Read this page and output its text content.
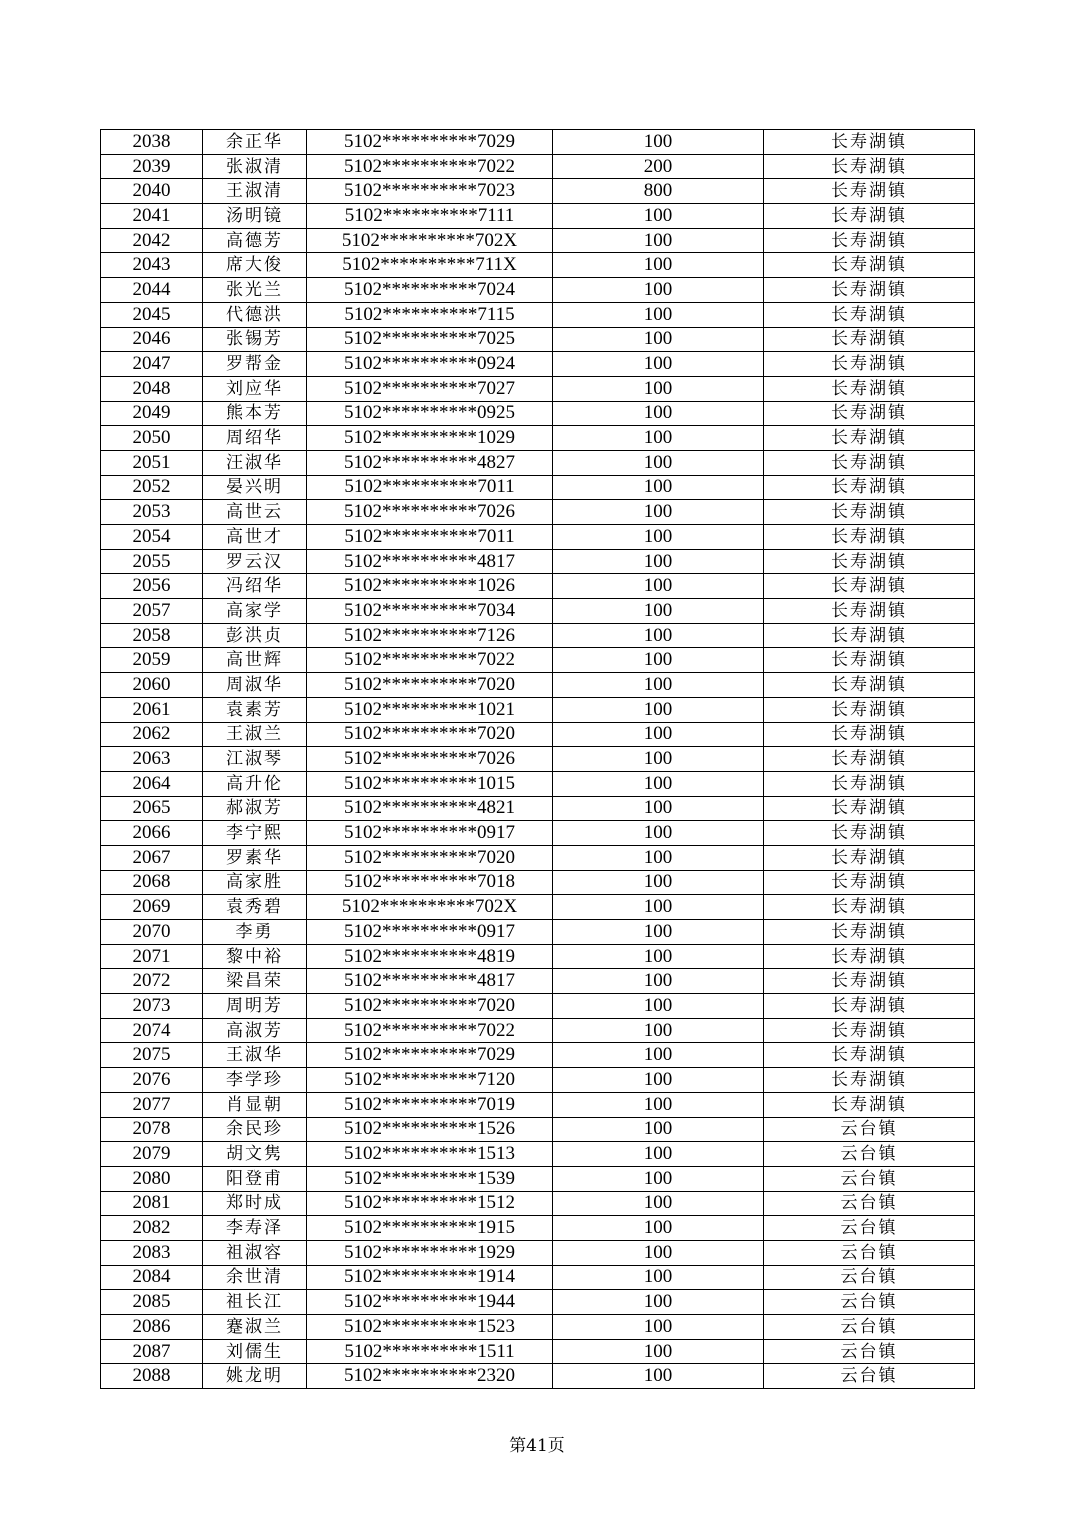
2038	余正华	5102**********7029	100	长寿湖镇
2039	张淑清	5102**********7022	200	长寿湖镇
2040	王淑清	5102**********7023	800	长寿湖镇
2041	汤明镜	5102**********7111	100	长寿湖镇
2042	高德芳	5102**********702X	100	长寿湖镇
2043	席大俊	5102**********711X	100	长寿湖镇
2044	张光兰	5102**********7024	100	长寿湖镇
2045	代德洪	5102**********7115	100	长寿湖镇
2046	张锡芳	5102**********7025	100	长寿湖镇
2047	罗帮金	5102**********0924	100	长寿湖镇
2048	刘应华	5102**********7027	100	长寿湖镇
2049	熊本芳	5102**********0925	100	长寿湖镇
2050	周绍华	5102**********1029	100	长寿湖镇
2051	汪淑华	5102**********4827	100	长寿湖镇
2052	晏兴明	5102**********7011	100	长寿湖镇
2053	高世云	5102**********7026	100	长寿湖镇
2054	高世才	5102**********7011	100	长寿湖镇
2055	罗云汉	5102**********4817	100	长寿湖镇
2056	冯绍华	5102**********1026	100	长寿湖镇
2057	高家学	5102**********7034	100	长寿湖镇
2058	彭洪贞	5102**********7126	100	长寿湖镇
2059	高世辉	5102**********7022	100	长寿湖镇
2060	周淑华	5102**********7020	100	长寿湖镇
2061	袁素芳	5102**********1021	100	长寿湖镇
2062	王淑兰	5102**********7020	100	长寿湖镇
2063	江淑琴	5102**********7026	100	长寿湖镇
2064	高升伦	5102**********1015	100	长寿湖镇
2065	郝淑芳	5102**********4821	100	长寿湖镇
2066	李宁熙	5102**********0917	100	长寿湖镇
2067	罗素华	5102**********7020	100	长寿湖镇
2068	高家胜	5102**********7018	100	长寿湖镇
2069	袁秀碧	5102**********702X	100	长寿湖镇
2070	李勇	5102**********0917	100	长寿湖镇
2071	黎中裕	5102**********4819	100	长寿湖镇
2072	梁昌荣	5102**********4817	100	长寿湖镇
2073	周明芳	5102**********7020	100	长寿湖镇
2074	高淑芳	5102**********7022	100	长寿湖镇
2075	王淑华	5102**********7029	100	长寿湖镇
2076	李学珍	5102**********7120	100	长寿湖镇
2077	肖显朝	5102**********7019	100	长寿湖镇
2078	余民珍	5102**********1526	100	云台镇
2079	胡文隽	5102**********1513	100	云台镇
2080	阳登甫	5102**********1539	100	云台镇
2081	郑时成	5102**********1512	100	云台镇
2082	李寿泽	5102**********1915	100	云台镇
2083	祖淑容	5102**********1929	100	云台镇
2084	余世清	5102**********1914	100	云台镇
2085	祖长江	5102**********1944	100	云台镇
2086	蹇淑兰	5102**********1523	100	云台镇
2087	刘儒生	5102**********1511	100	云台镇
2088	姚龙明	5102**********2320	100	云台镇
第41页
